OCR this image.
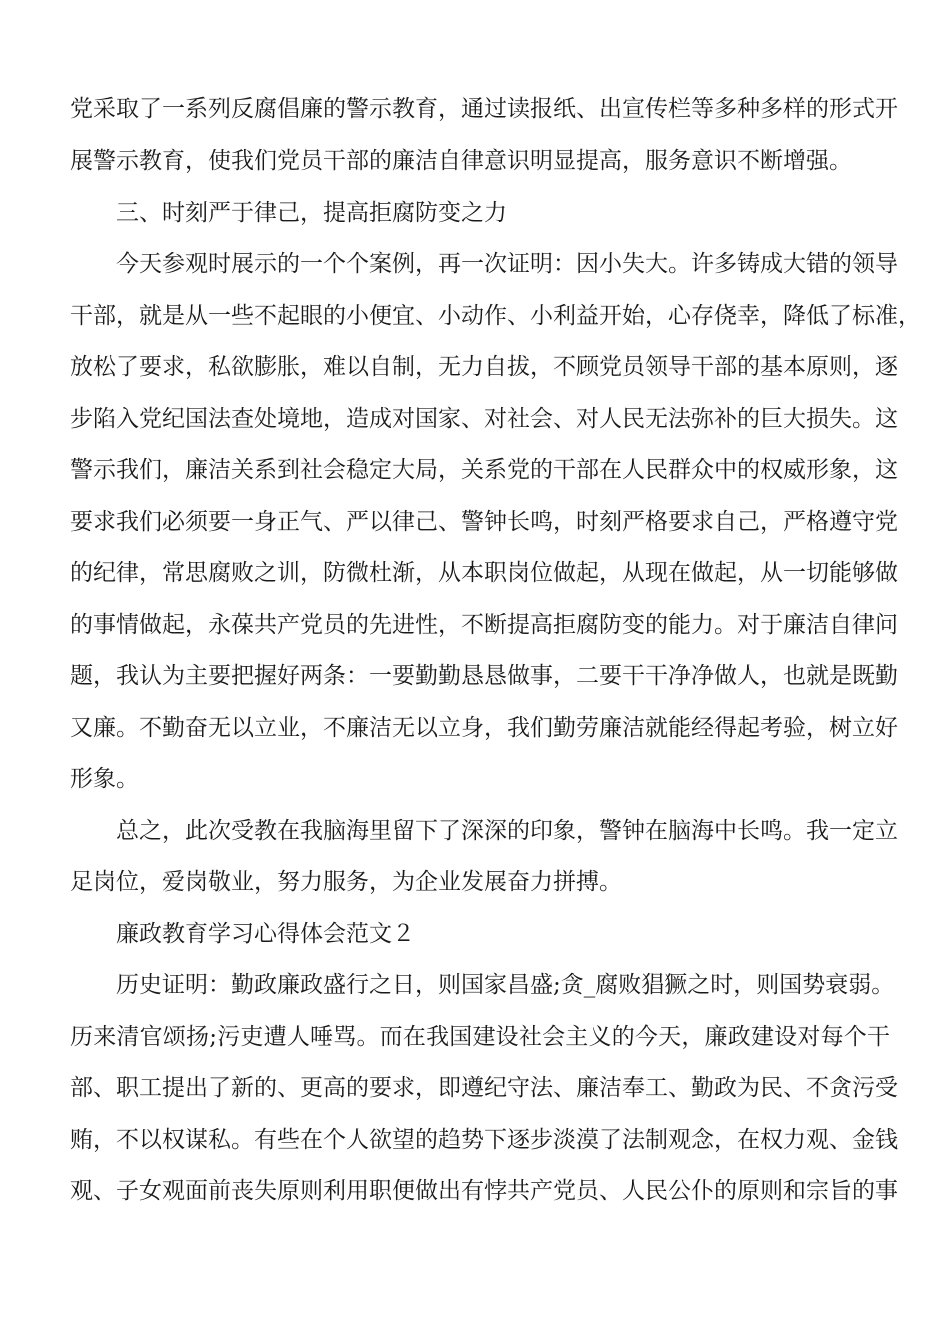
党采取了一系列反腐倡廉的警示教育，通过读报纸、出宣传栏等多种多样的形式开
展警示教育，使我们党员干部的廉洁自律意识明显提高，服务意识不断增强。
三、时刻严于律己，提高拒腐防变之力
今天参观时展示的一个个案例，再一次证明：因小失大。许多铸成大错的领导
干部，就是从一些不起眼的小便宜、小动作、小利益开始，心存侥幸，降低了标准，
放松了要求，私欲膨胀，难以自制，无力自拔，不顾党员领导干部的基本原则，逐
步陷入党纪国法查处境地，造成对国家、对社会、对人民无法弥补的巨大损失。这
警示我们，廉洁关系到社会稳定大局，关系党的干部在人民群众中的权威形象，这
要求我们必须要一身正气、严以律己、警钟长鸣，时刻严格要求自己，严格遵守党
的纪律，常思腐败之训，防微杜渐，从本职岗位做起，从现在做起，从一切能够做
的事情做起，永葆共产党员的先进性，不断提高拒腐防变的能力。对于廉洁自律问
题，我认为主要把握好两条：一要勤勤恳恳做事，二要干干净净做人，也就是既勤
又廉。不勤奋无以立业，不廉洁无以立身，我们勤劳廉洁就能经得起考验，树立好
形象。
总之，此次受教在我脑海里留下了深深的印象，警钟在脑海中长鸣。我一定立
足岗位，爱岗敬业，努力服务，为企业发展奋力拼搏。
廉政教育学习心得体会范文２
历史证明：勤政廉政盛行之日，则国家昌盛;贪_腐败猖獗之时，则国势衰弱。
历来清官颂扬;污吏遭人唾骂。而在我国建设社会主义的今天，廉政建设对每个干
部、职工提出了新的、更高的要求，即遵纪守法、廉洁奉工、勤政为民、不贪污受
贿，不以权谋私。有些在个人欲望的趋势下逐步淡漠了法制观念，在权力观、金钱
观、子女观面前丧失原则利用职便做出有悖共产党员、人民公仆的原则和宗旨的事
